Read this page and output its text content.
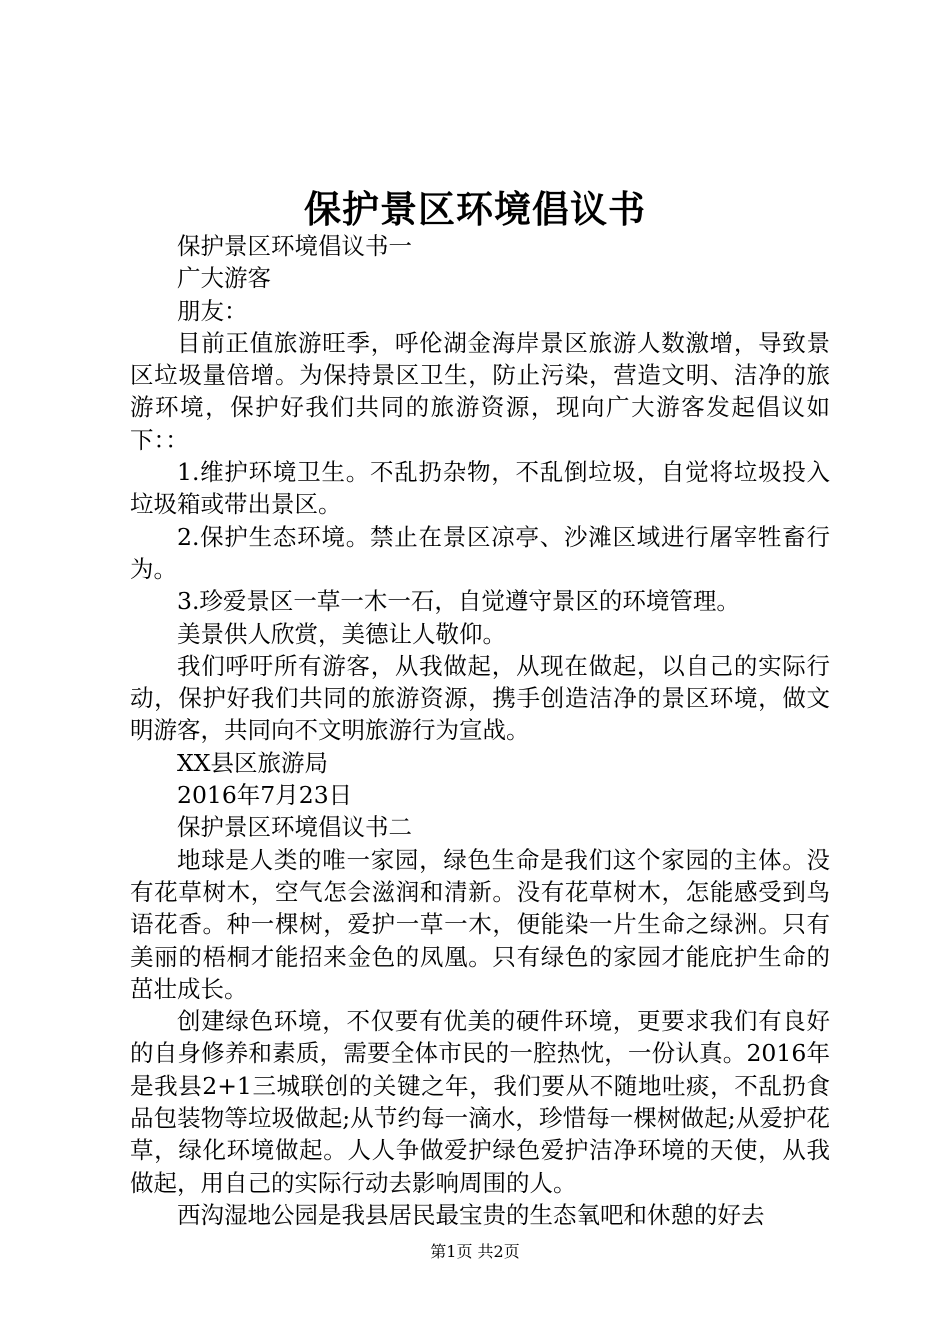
保护景区环境倡议书

保护景区环境倡议书一

广大游客

朋友：

目前正值旅游旺季，呼伦湖金海岸景区旅游人数激增，导致景区垃圾量倍增。为保持景区卫生，防止污染，营造文明、洁净的旅游环境，保护好我们共同的旅游资源，现向广大游客发起倡议如下：：

1.维护环境卫生。不乱扔杂物，不乱倒垃圾，自觉将垃圾投入垃圾箱或带出景区。

2.保护生态环境。禁止在景区凉亭、沙滩区域进行屠宰牲畜行为。

3.珍爱景区一草一木一石，自觉遵守景区的环境管理。

美景供人欣赏，美德让人敬仰。

我们呼吁所有游客，从我做起，从现在做起，以自己的实际行动，保护好我们共同的旅游资源，携手创造洁净的景区环境，做文明游客，共同向不文明旅游行为宣战。

XX县区旅游局

2016年7月23日

保护景区环境倡议书二

地球是人类的唯一家园，绿色生命是我们这个家园的主体。没有花草树木，空气怎会滋润和清新。没有花草树木，怎能感受到鸟语花香。种一棵树，爱护一草一木，便能染一片生命之绿洲。只有美丽的梧桐才能招来金色的凤凰。只有绿色的家园才能庇护生命的茁壮成长。

创建绿色环境，不仅要有优美的硬件环境，更要求我们有良好的自身修养和素质，需要全体市民的一腔热忱，一份认真。2016年是我县2+1三城联创的关键之年，我们要从不随地吐痰，不乱扔食品包装物等垃圾做起;从节约每一滴水，珍惜每一棵树做起;从爱护花草，绿化环境做起。人人争做爱护绿色爱护洁净环境的天使，从我做起，用自己的实际行动去影响周围的人。

西沟湿地公园是我县居民最宝贵的生态氧吧和休憩的好去

第1页 共2页
